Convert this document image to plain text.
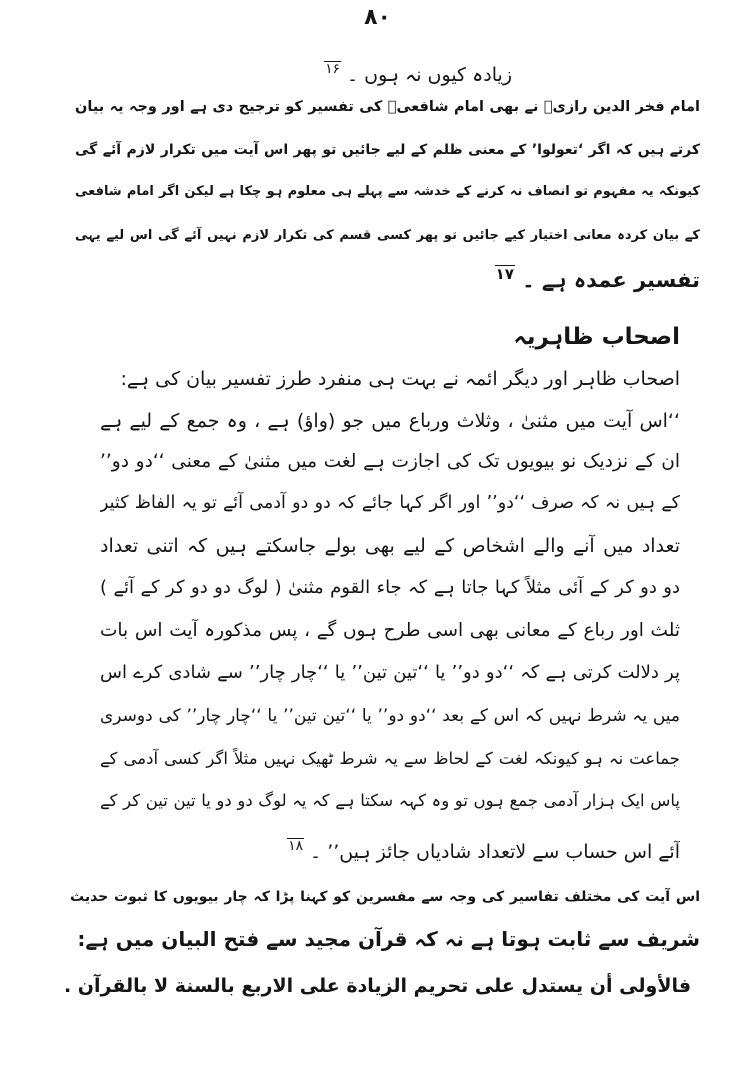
۸۰
زیادہ کیوں نہ ہوں ۔ ۱۶
امام فخر الدین رازیؒ نے بھی امام شافعیؒ کی تفسیر کو ترجیح دی ہے اور وجہ یہ بیان
کرتے ہیں کہ اگر ‘تعولوا’ کے معنی ظلم کے لیے جائیں تو پھر اس آیت میں تکرار لازم آئے گی
کیونکہ یہ مفہوم تو انصاف نہ کرنے کے خدشہ سے پہلے ہی معلوم ہو چکا ہے لیکن اگر امام شافعی
کے بیان کردہ معانی اختیار کیے جائیں تو پھر کسی قسم کی تکرار لازم نہیں آئے گی اس لیے یہی
تفسیر عمدہ ہے ۔ ۱۷
اصحاب ظاہریہ
اصحاب ظاہر اور دیگر ائمہ نے بہت ہی منفرد طرز تفسیر بیان کی ہے:
‘‘اس آیت میں مثنیٰ ، وثلاث ورباع میں جو (واؤ) ہے ، وہ جمع کے لیے ہے
ان کے نزدیک نو بیویوں تک کی اجازت ہے لغت میں مثنیٰ کے معنی ‘‘دو دو’’
کے ہیں نہ کہ صرف ‘‘دو’’ اور اگر کہا جائے کہ دو دو آدمی آئے تو یہ الفاظ کثیر
تعداد میں آنے والے اشخاص کے لیے بھی بولے جاسکتے ہیں کہ اتنی تعداد
دو دو کر کے آئی مثلاً کہا جاتا ہے کہ جاء القوم مثنیٰ ( لوگ دو دو کر کے آئے )
ثلث اور رباع کے معانی بھی اسی طرح ہوں گے ، پس مذکورہ آیت اس بات
پر دلالت کرتی ہے کہ ‘‘دو دو’’ یا ‘‘تین تین’’ یا ‘‘چار چار’’ سے شادی کرے اس
میں یہ شرط نہیں کہ اس کے بعد ‘‘دو دو’’ یا ‘‘تین تین’’ یا ‘‘چار چار’’ کی دوسری
جماعت نہ ہو کیونکہ لغت کے لحاظ سے یہ شرط ٹھیک نہیں مثلاً اگر کسی آدمی کے
پاس ایک ہزار آدمی جمع ہوں تو وہ کہہ سکتا ہے کہ یہ لوگ دو دو یا تین تین کر کے
آئے اس حساب سے لاتعداد شادیاں جائز ہیں’’ ۔ ۱۸
اس آیت کی مختلف تفاسیر کی وجہ سے مفسرین کو کہنا پڑا کہ چار بیویوں کا ثبوت حدیث
شریف سے ثابت ہوتا ہے نہ کہ قرآن مجید سے فتح البیان میں ہے:
فالأولى أن يستدل على تحريم الزيادة على الاربع بالسنة لا بالقرآن .
